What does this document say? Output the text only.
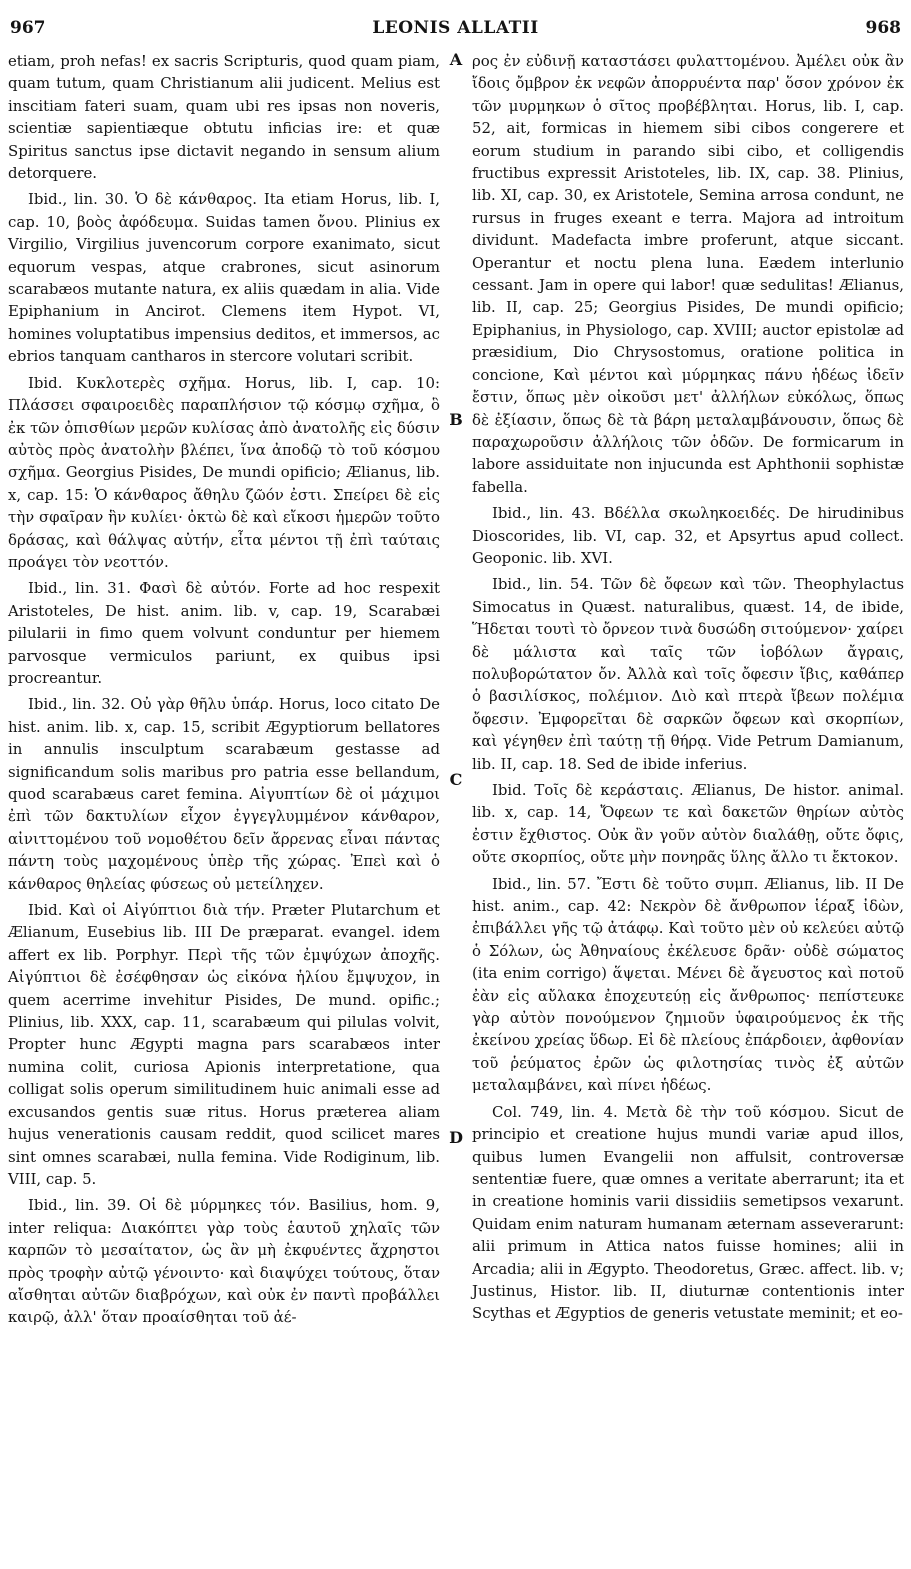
967	LEONIS ALLATII	968
A
B
C
D

etiam, proh nefas! ex sacris Scripturis, quod quam piam, quam tutum, quam Christianum alii judicent. Melius est inscitiam fateri suam, quam ubi res ipsas non noveris, scientiæ sapientiæque obtutu inficias ire: et quæ Spiritus sanctus ipse dictavit negando in sensum alium detorquere.

Ibid., lin. 30. Ὁ δὲ κάνθαρος. Ita etiam Horus, lib. I, cap. 10, βοὸς ἀφόδευμα. Suidas tamen ὄνου. Plinius ex Virgilio, Virgilius juvencorum corpore exanimato, sicut equorum vespas, atque crabrones, sicut asinorum scarabæos mutante natura, ex aliis quædam in alia. Vide Epiphanium in Ancirot. Clemens item Hypot. VI, homines voluptatibus impensius deditos, et immersos, ac ebrios tanquam cantharos in stercore volutari scribit.

Ibid. Κυκλοτερὲς σχῆμα. Horus, lib. I, cap. 10: Πλάσσει σφαιροειδὲς παραπλήσιον τῷ κόσμῳ σχῆμα, ὃ ἐκ τῶν ὀπισθίων μερῶν κυλίσας ἀπὸ ἀνατολῆς εἰς δύσιν αὐτὸς πρὸς ἀνατολὴν βλέπει, ἵνα ἀποδῷ τὸ τοῦ κόσμου σχῆμα. Georgius Pisides, De mundi opificio; Ælianus, lib. x, cap. 15: Ὁ κάνθαρος ἄθηλυ ζῶόν ἐστι. Σπείρει δὲ εἰς τὴν σφαῖραν ἣν κυλίει· ὀκτὼ δὲ καὶ εἴκοσι ἡμερῶν τοῦτο δράσας, καὶ θάλψας αὐτήν, εἶτα μέντοι τῇ ἐπὶ ταύταις προάγει τὸν νεοττόν.

Ibid., lin. 31. Φασὶ δὲ αὐτόν. Forte ad hoc respexit Aristoteles, De hist. anim. lib. v, cap. 19, Scarabæi pilularii in fimo quem volvunt conduntur per hiemem parvosque vermiculos pariunt, ex quibus ipsi procreantur.

Ibid., lin. 32. Οὐ γὰρ θῆλυ ὑπάρ. Horus, loco citato De hist. anim. lib. x, cap. 15, scribit Ægyptiorum bellatores in annulis insculptum scarabæum gestasse ad significandum solis maribus pro patria esse bellandum, quod scarabæus caret femina. Αἰγυπτίων δὲ οἱ μάχιμοι ἐπὶ τῶν δακτυλίων εἶχον ἐγγεγλυμμένον κάνθαρον, αἰνιττομένου τοῦ νομοθέτου δεῖν ἄρρενας εἶναι πάντας πάντη τοὺς μαχομένους ὑπὲρ τῆς χώρας. Ἐπεὶ καὶ ὁ κάνθαρος θηλείας φύσεως οὐ μετείληχεν.

Ibid. Καὶ οἱ Αἰγύπτιοι διὰ τήν. Præter Plutarchum et Ælianum, Eusebius lib. III De præparat. evangel. idem affert ex lib. Porphyr. Περὶ τῆς τῶν ἐμψύχων ἀποχῆς. Αἰγύπτιοι δὲ ἐσέφθησαν ὡς εἰκόνα ἡλίου ἔμψυχον, in quem acerrime invehitur Pisides, De mund. opific.; Plinius, lib. XXX, cap. 11, scarabæum qui pilulas volvit, Propter hunc Ægypti magna pars scarabæos inter numina colit, curiosa Apionis interpretatione, qua colligat solis operum similitudinem huic animali esse ad excusandos gentis suæ ritus. Horus præterea aliam hujus venerationis causam reddit, quod scilicet mares sint omnes scarabæi, nulla femina. Vide Rodiginum, lib. VIII, cap. 5.

Ibid., lin. 39. Οἱ δὲ μύρμηκες τόν. Basilius, hom. 9, inter reliqua: Διακόπτει γὰρ τοὺς ἑαυτοῦ χηλαῖς τῶν καρπῶν τὸ μεσαίτατον, ὡς ἂν μὴ ἐκφυέντες ἄχρηστοι πρὸς τροφὴν αὐτῷ γένοιντο· καὶ διαψύχει τούτους, ὅταν αἴσθηται αὐτῶν διαβρόχων, καὶ οὐκ ἐν παντὶ προβάλλει καιρῷ, ἀλλ' ὅταν προαίσθηται τοῦ ἀέ-

ρος ἐν εὐδινῇ καταστάσει φυλαττομένου. Ἀμέλει οὐκ ἂν ἴδοις ὄμβρον ἐκ νεφῶν ἀπορρυέντα παρ' ὅσον χρόνον ἐκ τῶν μυρμηκων ὁ σῖτος προβέβληται. Horus, lib. I, cap. 52, ait, formicas in hiemem sibi cibos congerere et eorum studium in parando sibi cibo, et colligendis fructibus expressit Aristoteles, lib. IX, cap. 38. Plinius, lib. XI, cap. 30, ex Aristotele, Semina arrosa condunt, ne rursus in fruges exeant e terra. Majora ad introitum dividunt. Madefacta imbre proferunt, atque siccant. Operantur et noctu plena luna. Eædem interlunio cessant. Jam in opere qui labor! quæ sedulitas! Ælianus, lib. II, cap. 25; Georgius Pisides, De mundi opificio; Epiphanius, in Physiologo, cap. XVIII; auctor epistolæ ad præsidium, Dio Chrysostomus, oratione politica in concione, Καὶ μέντοι καὶ μύρμηκας πάνυ ἡδέως ἰδεῖν ἔστιν, ὅπως μὲν οἰκοῦσι μετ' ἀλλήλων εὐκόλως, ὅπως δὲ ἐξίασιν, ὅπως δὲ τὰ βάρη μεταλαμβάνουσιν, ὅπως δὲ παραχωροῦσιν ἀλλήλοις τῶν ὁδῶν. De formicarum in labore assiduitate non injucunda est Aphthonii sophistæ fabella.

Ibid., lin. 43. Βδέλλα σκωληκοειδές. De hirudinibus Dioscorides, lib. VI, cap. 32, et Apsyrtus apud collect. Geoponic. lib. XVI.

Ibid., lin. 54. Τῶν δὲ ὄφεων καὶ τῶν. Theophylactus Simocatus in Quæst. naturalibus, quæst. 14, de ibide, Ἥδεται τουτὶ τὸ ὄρνεον τινὰ δυσώδη σιτούμενον· χαίρει δὲ μάλιστα καὶ ταῖς τῶν ἰοβόλων ἄγραις, πολυβορώτατον ὄν. Ἀλλὰ καὶ τοῖς ὄφεσιν ἴβις, καθάπερ ὁ βασιλίσκος, πολέμιον. Διὸ καὶ πτερὰ ἴβεων πολέμια ὄφεσιν. Ἐμφορεῖται δὲ σαρκῶν ὄφεων καὶ σκορπίων, καὶ γέγηθεν ἐπὶ ταύτῃ τῇ θήρᾳ. Vide Petrum Damianum, lib. II, cap. 18. Sed de ibide inferius.

Ibid. Τοῖς δὲ κεράσταις. Ælianus, De histor. animal. lib. x, cap. 14, Ὄφεων τε καὶ δακετῶν θηρίων αὐτὸς ἐστιν ἔχθιστος. Οὐκ ἂν γοῦν αὐτὸν διαλάθῃ, οὔτε ὄφις, οὔτε σκορπίος, οὔτε μὴν πονηρᾶς ὕλης ἄλλο τι ἔκτοκον.

Ibid., lin. 57. Ἔστι δὲ τοῦτο συμπ. Ælianus, lib. II De hist. anim., cap. 42: Νεκρὸν δὲ ἄνθρωπον ἱέραξ ἰδὼν, ἐπιβάλλει γῆς τῷ ἀτάφῳ. Καὶ τοῦτο μὲν οὐ κελεύει αὐτῷ ὁ Σόλων, ὡς Ἀθηναίους ἐκέλευσε δρᾶν· οὐδὲ σώματος (ita enim corrigo) ἅψεται. Μένει δὲ ἄγευστος καὶ ποτοῦ ἐὰν εἰς αὔλακα ἐποχευτεύῃ εἰς ἄνθρωπος· πεπίστευκε γὰρ αὐτὸν πονούμενον ζημιοῦν ὑφαιρούμενος ἐκ τῆς ἐκείνου χρείας ὕδωρ. Εἰ δὲ πλείους ἐπάρδοιεν, ἀφθονίαν τοῦ ῥεύματος ἐρῶν ὡς φιλοτησίας τινὸς ἐξ αὐτῶν μεταλαμβάνει, καὶ πίνει ἡδέως.

Col. 749, lin. 4. Μετὰ δὲ τὴν τοῦ κόσμου. Sicut de principio et creatione hujus mundi variæ apud illos, quibus lumen Evangelii non affulsit, controversæ sententiæ fuere, quæ omnes a veritate aberrarunt; ita et in creatione hominis varii dissidiis semetipsos vexarunt. Quidam enim naturam humanam æternam asseverarunt: alii primum in Attica natos fuisse homines; alii in Arcadia; alii in Ægypto. Theodoretus, Græc. affect. lib. v; Justinus, Histor. lib. II, diuturnæ contentionis inter Scythas et Ægyptios de generis vetustate meminit; et eo-
